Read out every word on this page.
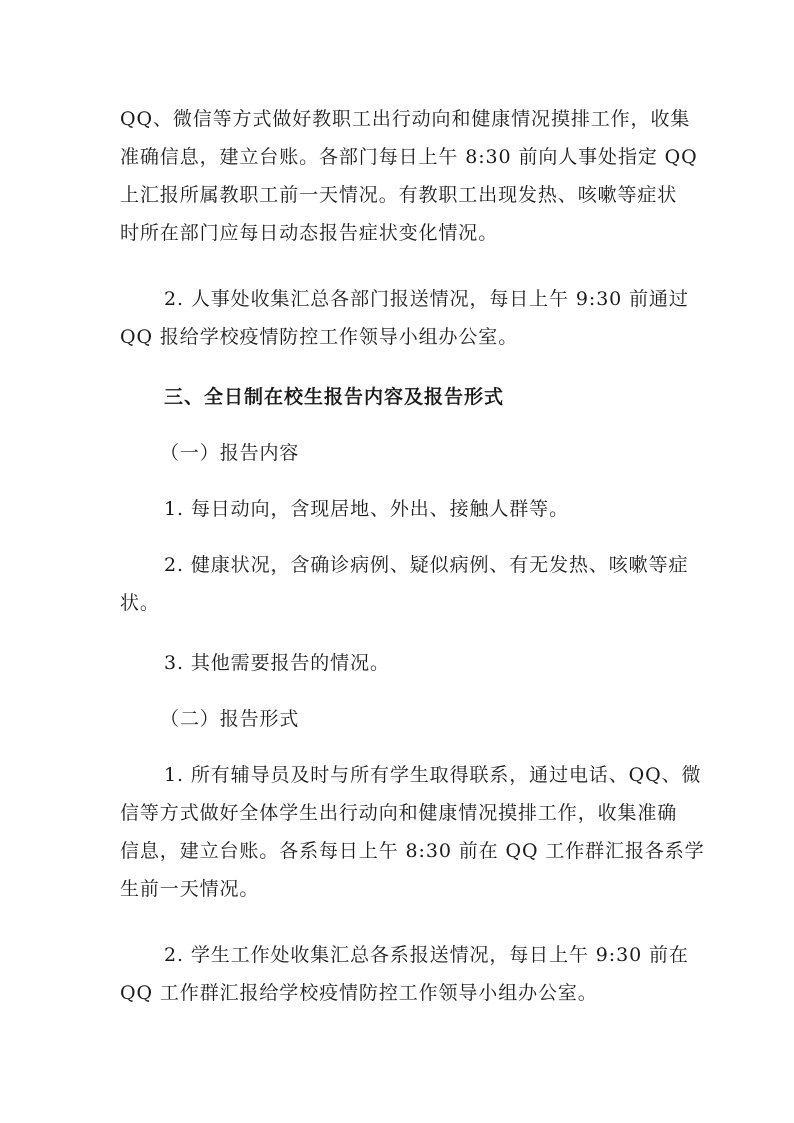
QQ、微信等方式做好教职工出行动向和健康情况摸排工作，收集
准确信息，建立台账。各部门每日上午 8:30 前向人事处指定 QQ
上汇报所属教职工前一天情况。有教职工出现发热、咳嗽等症状
时所在部门应每日动态报告症状变化情况。

2. 人事处收集汇总各部门报送情况，每日上午 9:30 前通过
QQ 报给学校疫情防控工作领导小组办公室。

三、全日制在校生报告内容及报告形式

（一）报告内容

1. 每日动向，含现居地、外出、接触人群等。

2. 健康状况，含确诊病例、疑似病例、有无发热、咳嗽等症
状。

3. 其他需要报告的情况。

（二）报告形式

1. 所有辅导员及时与所有学生取得联系，通过电话、QQ、微
信等方式做好全体学生出行动向和健康情况摸排工作，收集准确
信息，建立台账。各系每日上午 8:30 前在 QQ 工作群汇报各系学
生前一天情况。

2. 学生工作处收集汇总各系报送情况，每日上午 9:30 前在
QQ 工作群汇报给学校疫情防控工作领导小组办公室。
